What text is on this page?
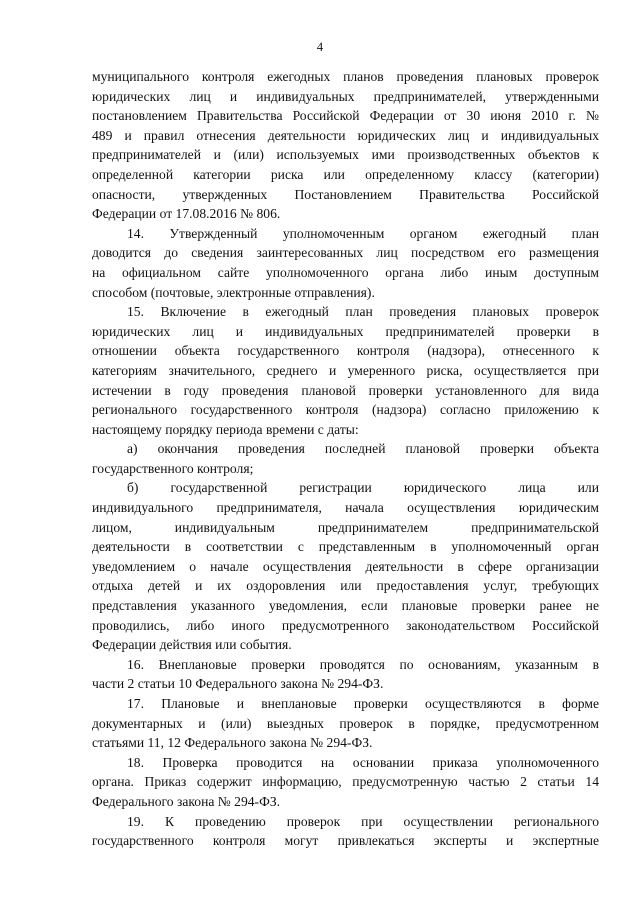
4
муниципального контроля ежегодных планов проведения плановых проверок
юридических лиц и индивидуальных предпринимателей, утвержденными
постановлением Правительства Российской Федерации от 30 июня 2010 г. №
489 и правил отнесения деятельности юридических лиц и индивидуальных
предпринимателей и (или) используемых ими производственных объектов к
определенной категории риска или определенному классу (категории)
опасности, утвержденных Постановлением Правительства Российской
Федерации от 17.08.2016 № 806.
14. Утвержденный уполномоченным органом ежегодный план
доводится до сведения заинтересованных лиц посредством его размещения
на официальном сайте уполномоченного органа либо иным доступным
способом (почтовые, электронные отправления).
15. Включение в ежегодный план проведения плановых проверок
юридических лиц и индивидуальных предпринимателей проверки в
отношении объекта государственного контроля (надзора), отнесенного к
категориям значительного, среднего и умеренного риска, осуществляется при
истечении в году проведения плановой проверки установленного для вида
регионального государственного контроля (надзора) согласно приложению к
настоящему порядку периода времени с даты:
а) окончания проведения последней плановой проверки объекта
государственного контроля;
б) государственной регистрации юридического лица или
индивидуального предпринимателя, начала осуществления юридическим
лицом, индивидуальным предпринимателем предпринимательской
деятельности в соответствии с представленным в уполномоченный орган
уведомлением о начале осуществления деятельности в сфере организации
отдыха детей и их оздоровления или предоставления услуг, требующих
представления указанного уведомления, если плановые проверки ранее не
проводились, либо иного предусмотренного законодательством Российской
Федерации действия или события.
16. Внеплановые проверки проводятся по основаниям, указанным в
части 2 статьи 10 Федерального закона № 294-ФЗ.
17. Плановые и внеплановые проверки осуществляются в форме
документарных и (или) выездных проверок в порядке, предусмотренном
статьями 11, 12 Федерального закона № 294-ФЗ.
18. Проверка проводится на основании приказа уполномоченного
органа. Приказ содержит информацию, предусмотренную частью 2 статьи 14
Федерального закона № 294-ФЗ.
19. К проведению проверок при осуществлении регионального
государственного контроля могут привлекаться эксперты и экспертные
